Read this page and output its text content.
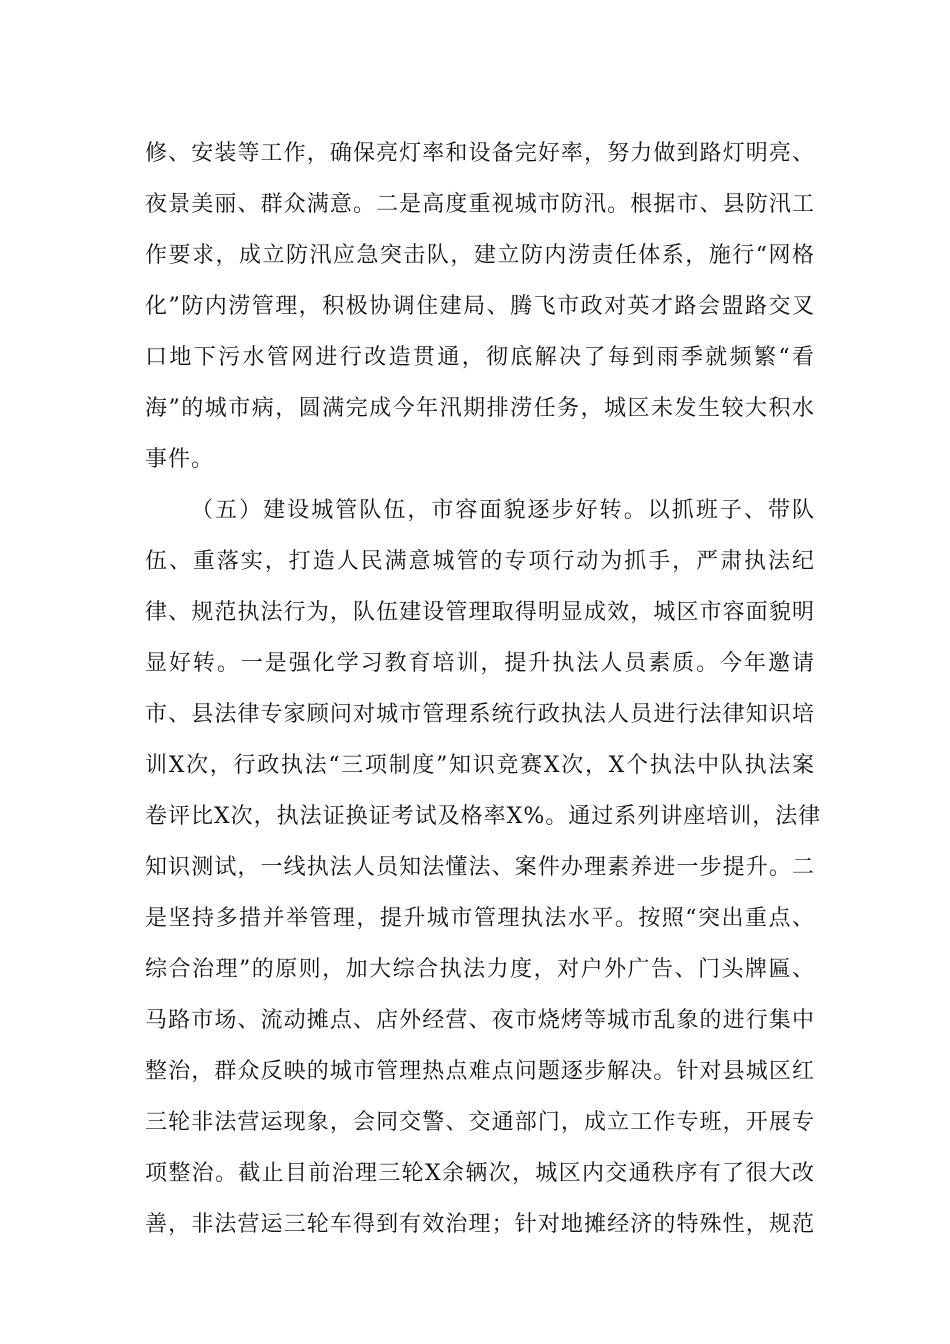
修、安装等工作，确保亮灯率和设备完好率，努力做到路灯明亮、
夜景美丽、群众满意。二是高度重视城市防汛。根据市、县防汛工
作要求，成立防汛应急突击队，建立防内涝责任体系，施行“网格
化”防内涝管理，积极协调住建局、腾飞市政对英才路会盟路交叉
口地下污水管网进行改造贯通，彻底解决了每到雨季就频繁“看
海”的城市病，圆满完成今年汛期排涝任务，城区未发生较大积水
事件。
（五）建设城管队伍，市容面貌逐步好转。以抓班子、带队
伍、重落实，打造人民满意城管的专项行动为抓手，严肃执法纪
律、规范执法行为，队伍建设管理取得明显成效，城区市容面貌明
显好转。一是强化学习教育培训，提升执法人员素质。今年邀请
市、县法律专家顾问对城市管理系统行政执法人员进行法律知识培
训X次，行政执法“三项制度”知识竞赛X次，X个执法中队执法案
卷评比X次，执法证换证考试及格率X%。通过系列讲座培训，法律
知识测试，一线执法人员知法懂法、案件办理素养进一步提升。二
是坚持多措并举管理，提升城市管理执法水平。按照“突出重点、
综合治理”的原则，加大综合执法力度，对户外广告、门头牌匾、
马路市场、流动摊点、店外经营、夜市烧烤等城市乱象的进行集中
整治，群众反映的城市管理热点难点问题逐步解决。针对县城区红
三轮非法营运现象，会同交警、交通部门，成立工作专班，开展专
项整治。截止目前治理三轮X余辆次，城区内交通秩序有了很大改
善，非法营运三轮车得到有效治理；针对地摊经济的特殊性，规范
